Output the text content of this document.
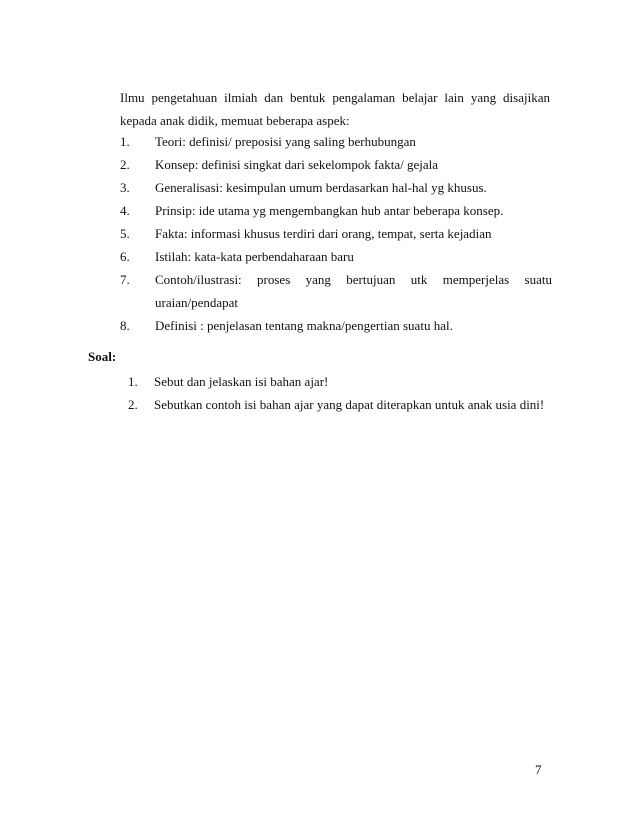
Ilmu pengetahuan ilmiah dan bentuk pengalaman belajar lain yang disajikan
kepada anak didik, memuat beberapa aspek:
1.	Teori: definisi/ preposisi yang saling berhubungan
2.	Konsep: definisi singkat dari sekelompok fakta/ gejala
3.	Generalisasi: kesimpulan umum berdasarkan hal-hal yg khusus.
4.	Prinsip: ide utama yg mengembangkan hub antar beberapa konsep.
5.	Fakta: informasi khusus terdiri dari orang, tempat, serta kejadian
6.	Istilah: kata-kata perbendaharaan baru
7.	Contoh/ilustrasi: proses yang bertujuan utk memperjelas suatu
uraian/pendapat
8.	Definisi : penjelasan tentang makna/pengertian suatu hal.
Soal:
1. Sebut dan jelaskan isi bahan ajar!
2. Sebutkan contoh isi bahan ajar yang dapat diterapkan untuk anak usia dini!
7
